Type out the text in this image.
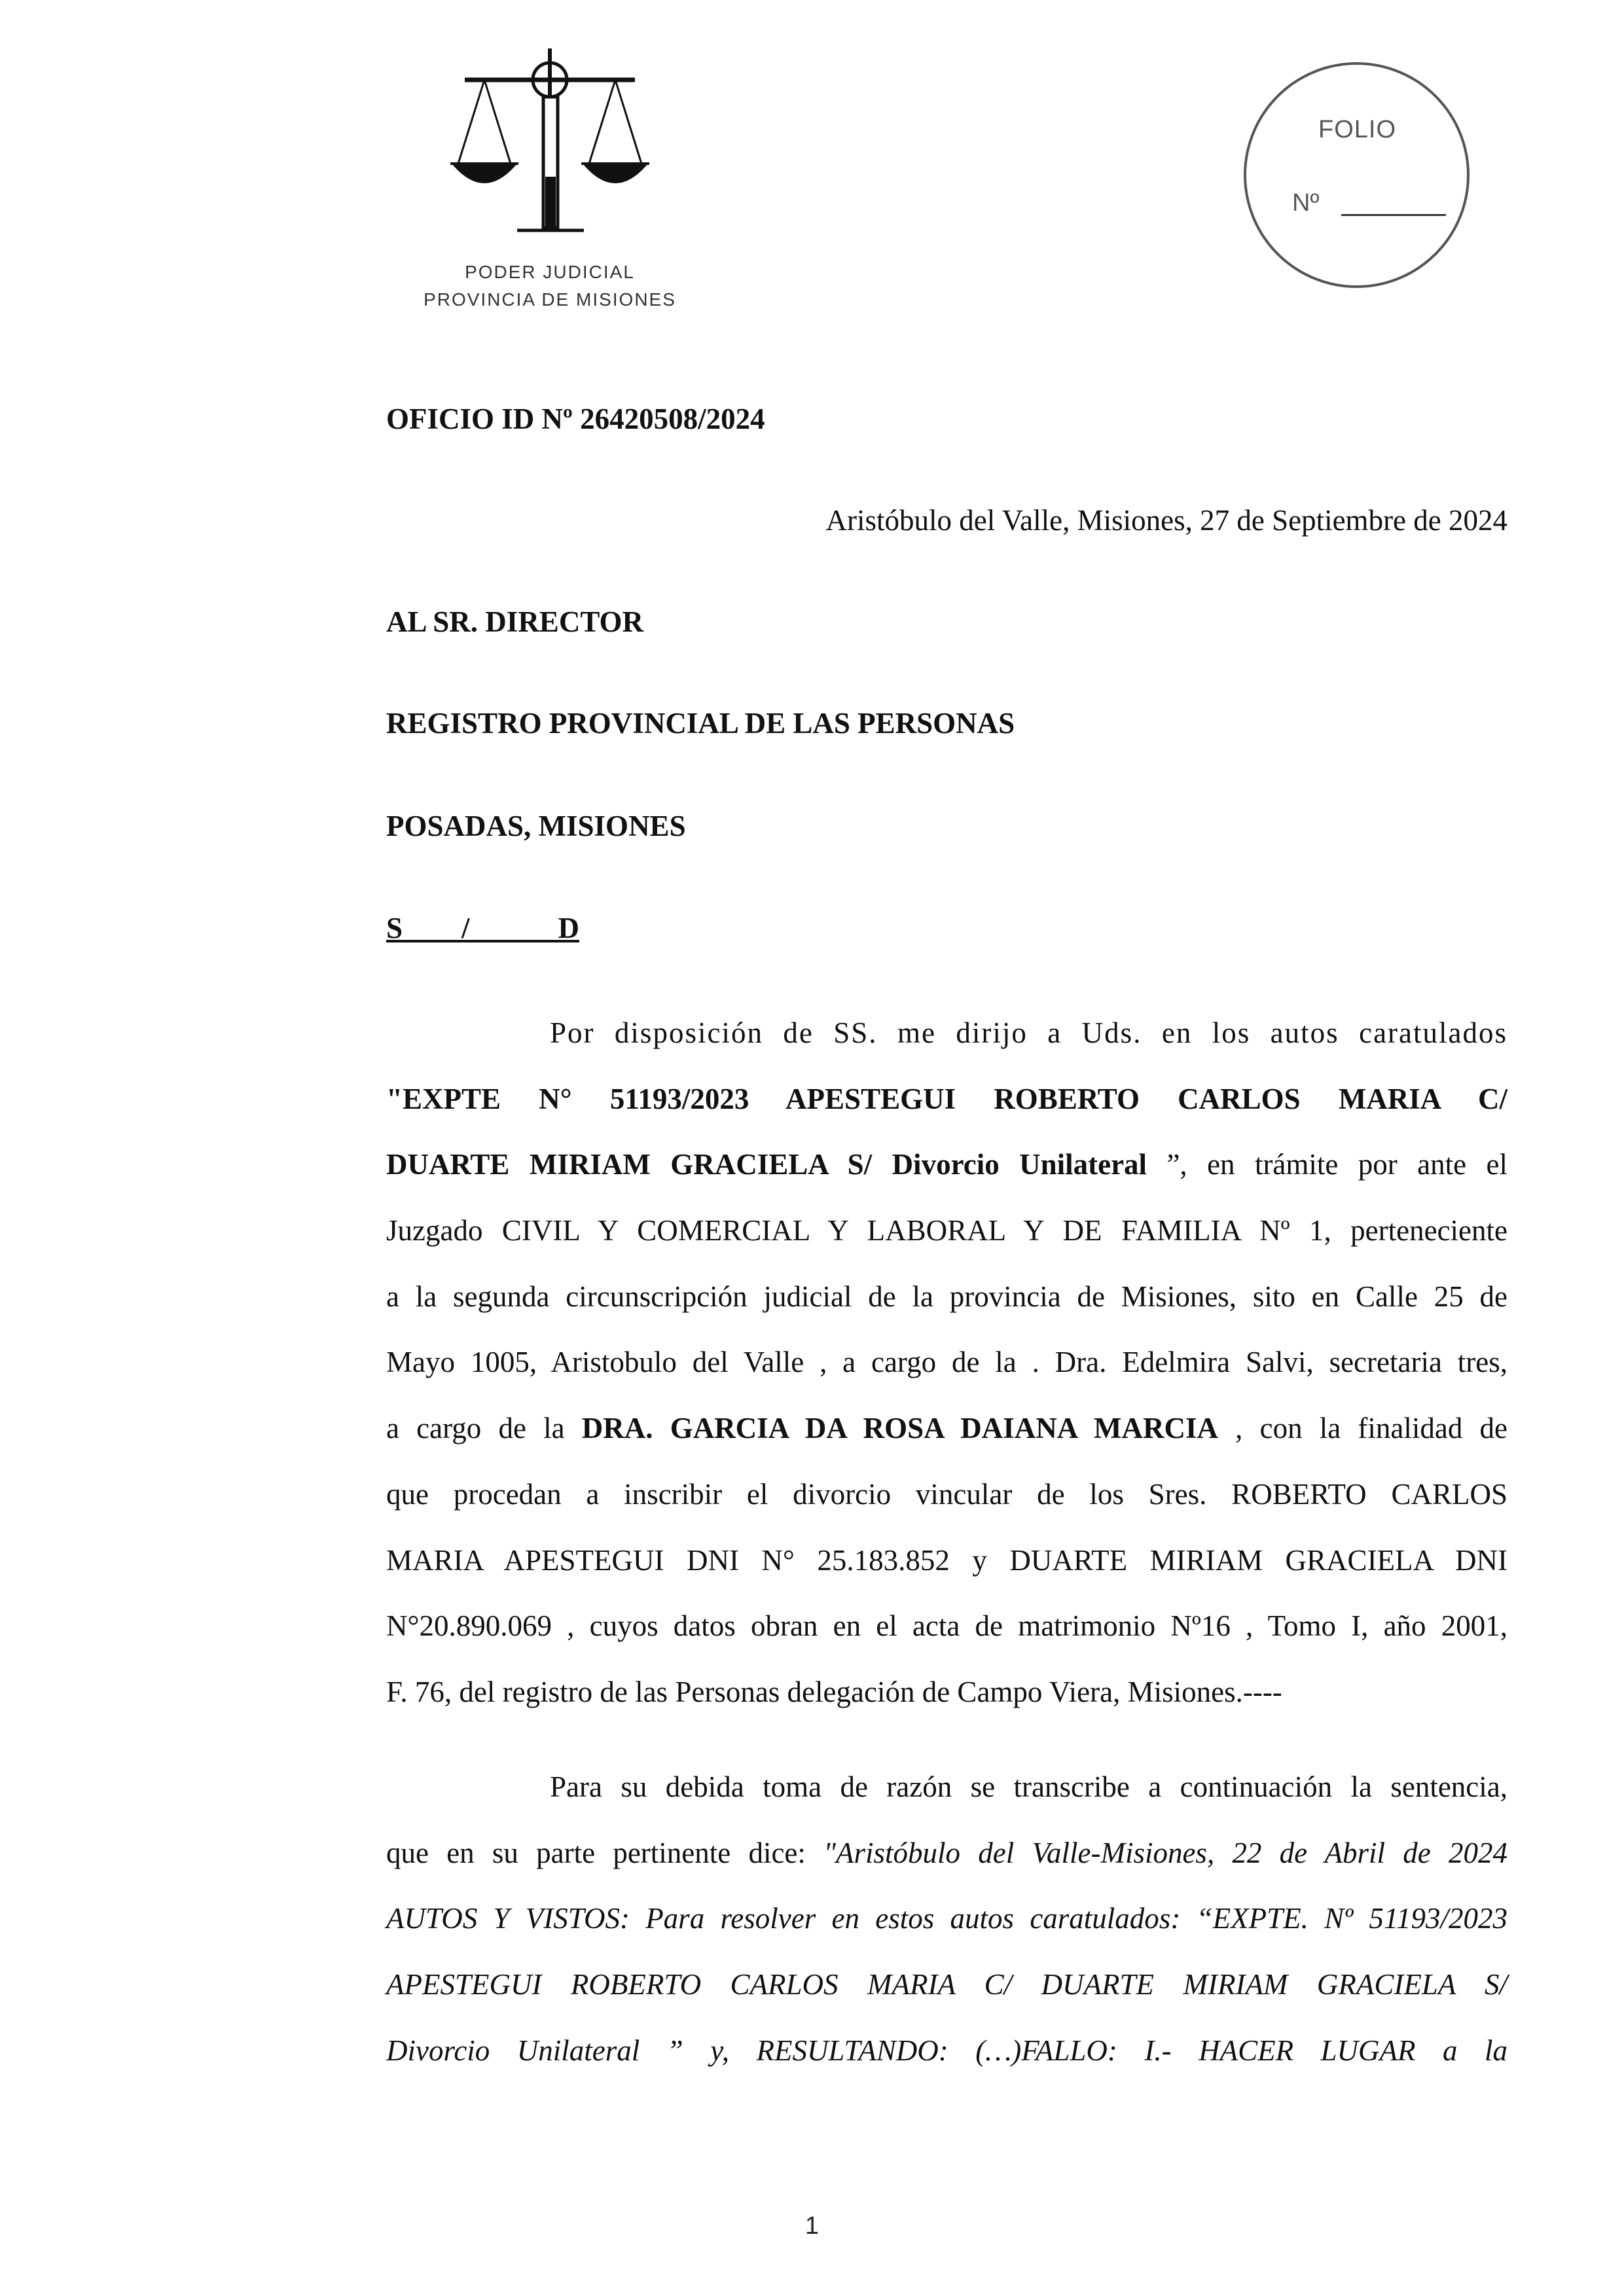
PODER JUDICIAL
PROVINCIA DE MISIONES
FOLIO
Nº
OFICIO ID Nº 26420508/2024
Aristóbulo del Valle, Misiones, 27 de Septiembre de 2024
AL SR. DIRECTOR
REGISTRO PROVINCIAL DE LAS PERSONAS
POSADAS, MISIONES
S____/______D
Por disposición de SS. me dirijo a Uds. en los autos caratulados
"EXPTE N° 51193/2023 APESTEGUI ROBERTO CARLOS MARIA C/
DUARTE MIRIAM GRACIELA S/ Divorcio Unilateral ”, en trámite por ante el
Juzgado CIVIL Y COMERCIAL Y LABORAL Y DE FAMILIA Nº 1, perteneciente
a la segunda circunscripción judicial de la provincia de Misiones, sito en Calle 25 de
Mayo 1005, Aristobulo del Valle , a cargo de la . Dra. Edelmira Salvi, secretaria tres,
a cargo de la DRA. GARCIA DA ROSA DAIANA MARCIA , con la finalidad de
que procedan a inscribir el divorcio vincular de los Sres. ROBERTO CARLOS
MARIA APESTEGUI DNI N° 25.183.852 y DUARTE MIRIAM GRACIELA DNI
N°20.890.069 , cuyos datos obran en el acta de matrimonio Nº16 , Tomo I, año 2001,
F. 76, del registro de las Personas delegación de Campo Viera, Misiones.----
Para su debida toma de razón se transcribe a continuación la sentencia,
que en su parte pertinente dice: "Aristóbulo del Valle-Misiones, 22 de Abril de 2024
AUTOS Y VISTOS: Para resolver en estos autos caratulados: “EXPTE. Nº 51193/2023
APESTEGUI ROBERTO CARLOS MARIA C/ DUARTE MIRIAM GRACIELA S/
Divorcio Unilateral ” y, RESULTANDO: (…)FALLO: I.- HACER LUGAR a la
1
